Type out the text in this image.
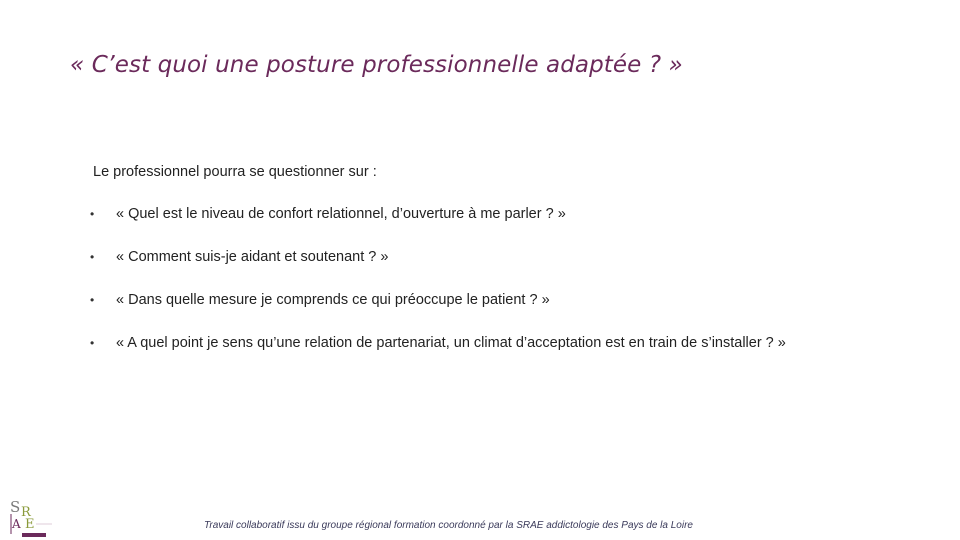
« C’est quoi une posture professionnelle adaptée ? »
Le professionnel pourra se questionner sur :
•	« Quel est le niveau de confort relationnel, d’ouverture à me parler ? »
•	« Comment suis-je aidant et soutenant ? »
•	« Dans quelle mesure je comprends ce qui préoccupe le patient ? »
•	« A quel point je sens qu’une relation de partenariat, un climat d’acceptation est en train de s’installer ? »
S R
A E	Travail collaboratif issu du groupe régional formation coordonné par la SRAE addictologie des Pays de la Loire
